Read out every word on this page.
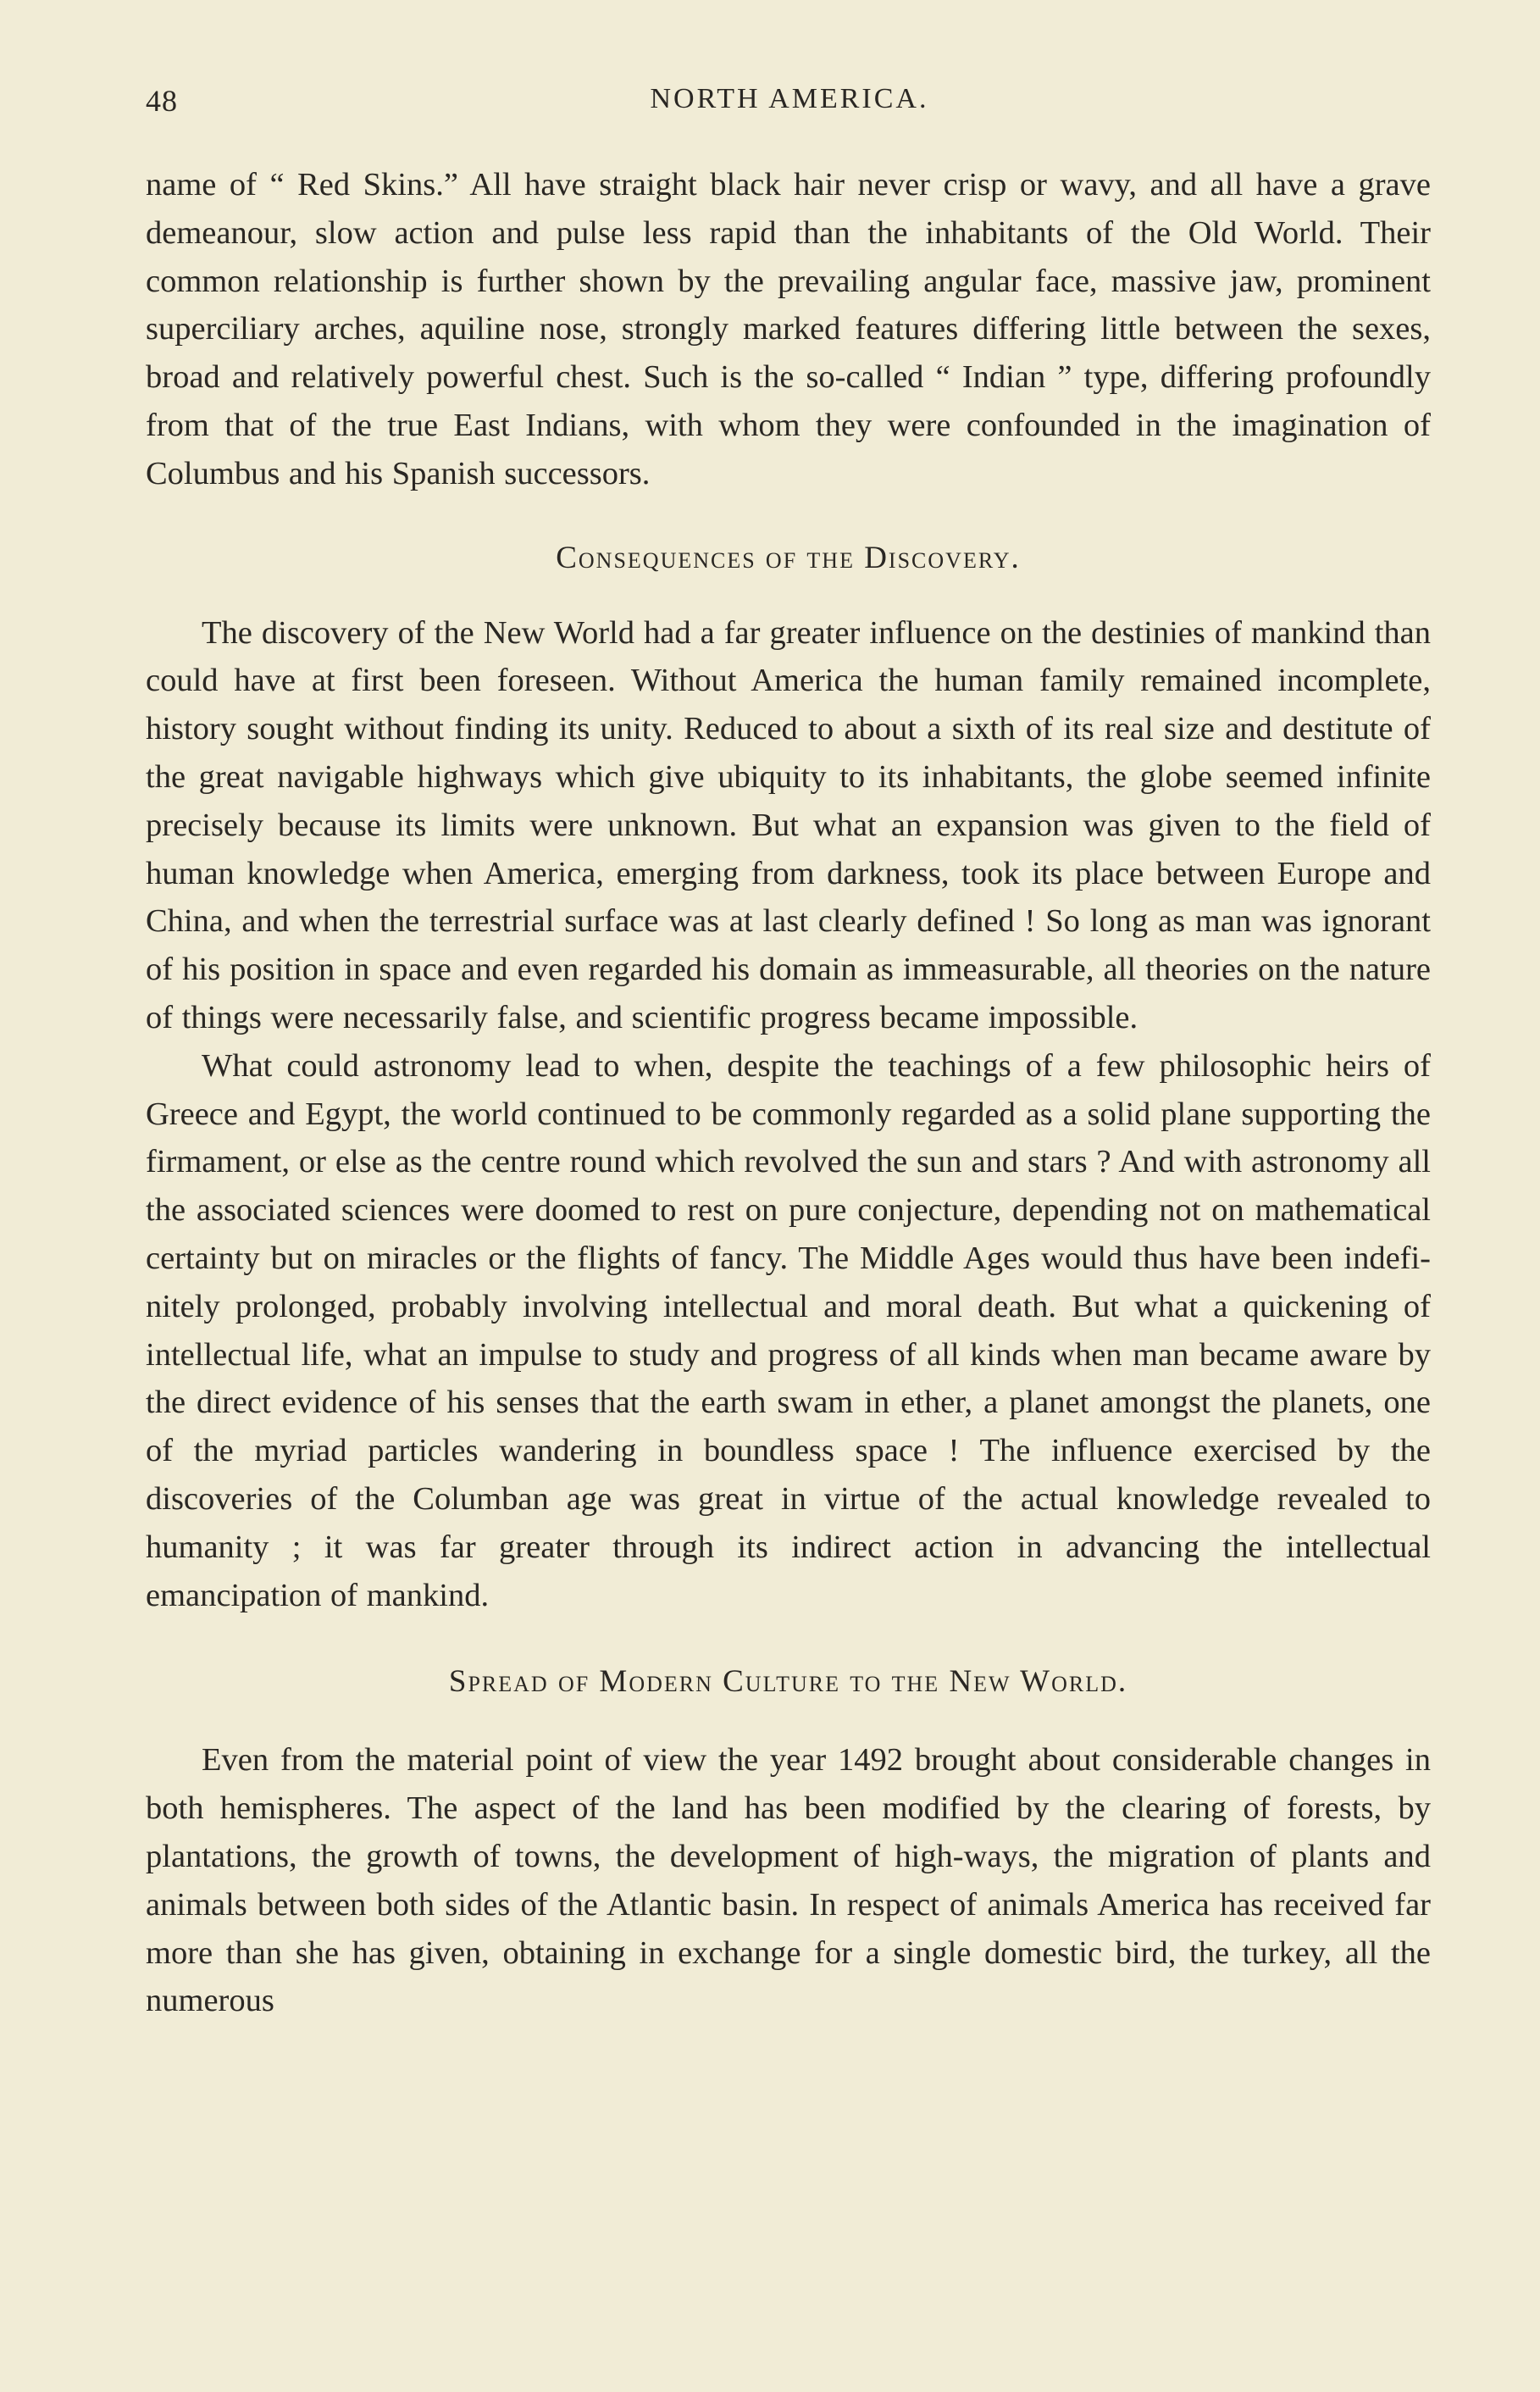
48	NORTH AMERICA.

name of “ Red Skins.” All have straight black hair never crisp or wavy, and all have a grave demeanour, slow action and pulse less rapid than the inhabitants of the Old World. Their common relationship is further shown by the prevailing angular face, massive jaw, prominent superciliary arches, aquiline nose, strongly marked features differing little between the sexes, broad and relatively powerful chest. Such is the so-called “ Indian ” type, differing profoundly from that of the true East Indians, with whom they were confounded in the imagination of Columbus and his Spanish successors.

Consequences of the Discovery.

The discovery of the New World had a far greater influence on the destinies of mankind than could have at first been foreseen. Without America the human family remained incomplete, history sought without finding its unity. Reduced to about a sixth of its real size and destitute of the great navigable highways which give ubiquity to its inhabitants, the globe seemed infinite precisely because its limits were unknown. But what an expansion was given to the field of human knowledge when America, emerging from darkness, took its place between Europe and China, and when the terrestrial surface was at last clearly defined ! So long as man was ignorant of his position in space and even regarded his domain as immeasurable, all theories on the nature of things were necessarily false, and scientific progress became impossible.

What could astronomy lead to when, despite the teachings of a few philosophic heirs of Greece and Egypt, the world continued to be commonly regarded as a solid plane supporting the firmament, or else as the centre round which revolved the sun and stars ? And with astronomy all the associated sciences were doomed to rest on pure conjecture, depending not on mathematical certainty but on miracles or the flights of fancy. The Middle Ages would thus have been indefi-nitely prolonged, probably involving intellectual and moral death. But what a quickening of intellectual life, what an impulse to study and progress of all kinds when man became aware by the direct evidence of his senses that the earth swam in ether, a planet amongst the planets, one of the myriad particles wandering in boundless space ! The influence exercised by the discoveries of the Columban age was great in virtue of the actual knowledge revealed to humanity ; it was far greater through its indirect action in advancing the intellectual emancipation of mankind.

Spread of Modern Culture to the New World.

Even from the material point of view the year 1492 brought about considerable changes in both hemispheres. The aspect of the land has been modified by the clearing of forests, by plantations, the growth of towns, the development of high-ways, the migration of plants and animals between both sides of the Atlantic basin. In respect of animals America has received far more than she has given, obtaining in exchange for a single domestic bird, the turkey, all the numerous
